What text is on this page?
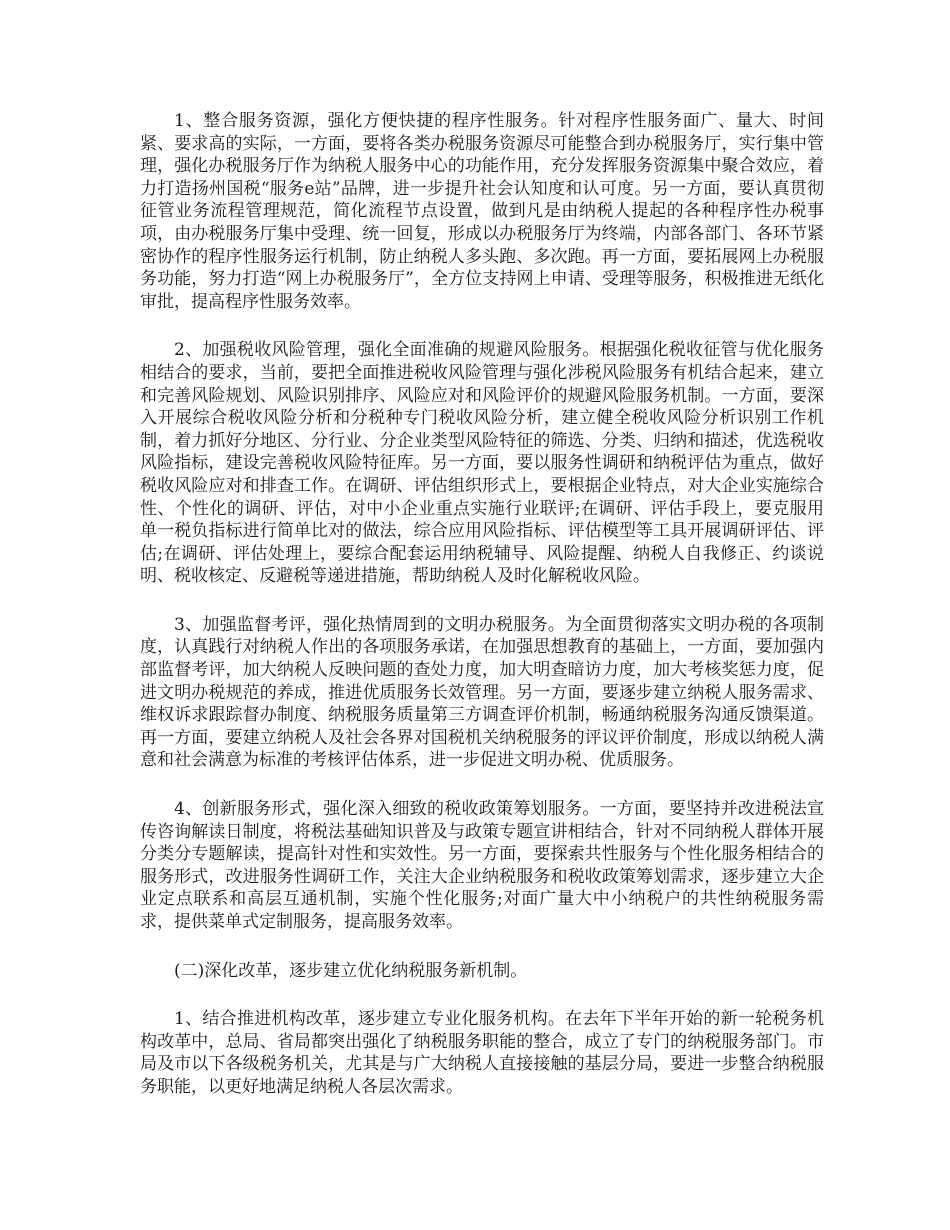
1、整合服务资源，强化方便快捷的程序性服务。针对程序性服务面广、量大、时间紧、要求高的实际，一方面，要将各类办税服务资源尽可能整合到办税服务厅，实行集中管理，强化办税服务厅作为纳税人服务中心的功能作用，充分发挥服务资源集中聚合效应，着力打造扬州国税“服务e站”品牌，进一步提升社会认知度和认可度。另一方面，要认真贯彻征管业务流程管理规范，简化流程节点设置，做到凡是由纳税人提起的各种程序性办税事项，由办税服务厅集中受理、统一回复，形成以办税服务厅为终端，内部各部门、各环节紧密协作的程序性服务运行机制，防止纳税人多头跑、多次跑。再一方面，要拓展网上办税服务功能，努力打造“网上办税服务厅”，全方位支持网上申请、受理等服务，积极推进无纸化审批，提高程序性服务效率。

2、加强税收风险管理，强化全面准确的规避风险服务。根据强化税收征管与优化服务相结合的要求，当前，要把全面推进税收风险管理与强化涉税风险服务有机结合起来，建立和完善风险规划、风险识别排序、风险应对和风险评价的规避风险服务机制。一方面，要深入开展综合税收风险分析和分税种专门税收风险分析，建立健全税收风险分析识别工作机制，着力抓好分地区、分行业、分企业类型风险特征的筛选、分类、归纳和描述，优选税收风险指标，建设完善税收风险特征库。另一方面，要以服务性调研和纳税评估为重点，做好税收风险应对和排查工作。在调研、评估组织形式上，要根据企业特点，对大企业实施综合性、个性化的调研、评估，对中小企业重点实施行业联评;在调研、评估手段上，要克服用单一税负指标进行简单比对的做法，综合应用风险指标、评估模型等工具开展调研评估、评估;在调研、评估处理上，要综合配套运用纳税辅导、风险提醒、纳税人自我修正、约谈说明、税收核定、反避税等递进措施，帮助纳税人及时化解税收风险。

3、加强监督考评，强化热情周到的文明办税服务。为全面贯彻落实文明办税的各项制度，认真践行对纳税人作出的各项服务承诺，在加强思想教育的基础上，一方面，要加强内部监督考评，加大纳税人反映问题的查处力度，加大明查暗访力度，加大考核奖惩力度，促进文明办税规范的养成，推进优质服务长效管理。另一方面，要逐步建立纳税人服务需求、维权诉求跟踪督办制度、纳税服务质量第三方调查评价机制，畅通纳税服务沟通反馈渠道。再一方面，要建立纳税人及社会各界对国税机关纳税服务的评议评价制度，形成以纳税人满意和社会满意为标准的考核评估体系，进一步促进文明办税、优质服务。

4、创新服务形式，强化深入细致的税收政策筹划服务。一方面，要坚持并改进税法宣传咨询解读日制度，将税法基础知识普及与政策专题宣讲相结合，针对不同纳税人群体开展分类分专题解读，提高针对性和实效性。另一方面，要探索共性服务与个性化服务相结合的服务形式，改进服务性调研工作，关注大企业纳税服务和税收政策筹划需求，逐步建立大企业定点联系和高层互通机制，实施个性化服务;对面广量大中小纳税户的共性纳税服务需求，提供菜单式定制服务，提高服务效率。

(二)深化改革，逐步建立优化纳税服务新机制。

1、结合推进机构改革，逐步建立专业化服务机构。在去年下半年开始的新一轮税务机构改革中，总局、省局都突出强化了纳税服务职能的整合，成立了专门的纳税服务部门。市局及市以下各级税务机关，尤其是与广大纳税人直接接触的基层分局，要进一步整合纳税服务职能，以更好地满足纳税人各层次需求。
